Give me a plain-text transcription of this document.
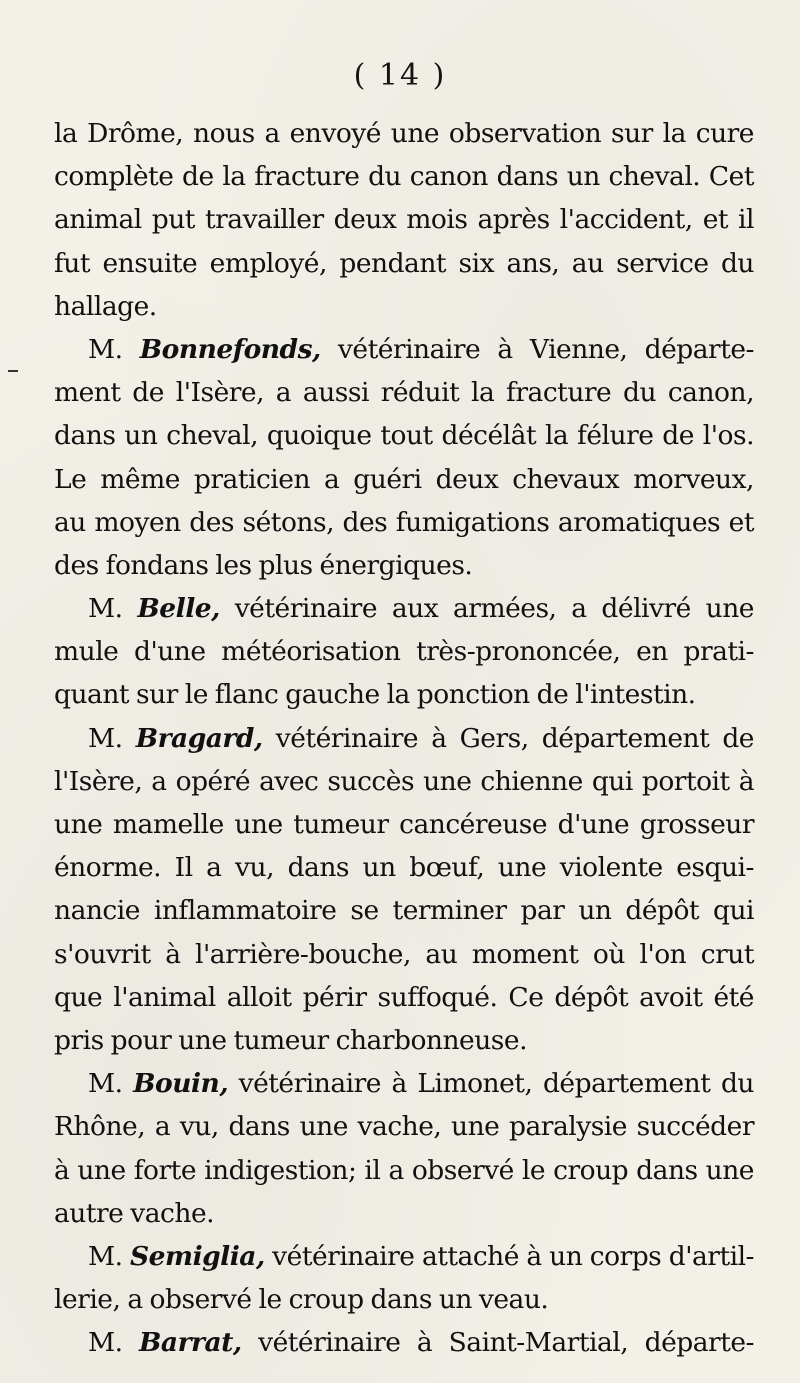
( 14 )
la Drôme, nous a envoyé une observation sur la cure
complète de la fracture du canon dans un cheval. Cet
animal put travailler deux mois après l'accident, et il
fut ensuite employé, pendant six ans, au service du
hallage.
M. Bonnefonds, vétérinaire à Vienne, départe-
ment de l'Isère, a aussi réduit la fracture du canon,
dans un cheval, quoique tout décélât la félure de l'os.
Le même praticien a guéri deux chevaux morveux,
au moyen des sétons, des fumigations aromatiques et
des fondans les plus énergiques.
M. Belle, vétérinaire aux armées, a délivré une
mule d'une météorisation très-prononcée, en prati-
quant sur le flanc gauche la ponction de l'intestin.
M. Bragard, vétérinaire à Gers, département de
l'Isère, a opéré avec succès une chienne qui portoit à
une mamelle une tumeur cancéreuse d'une grosseur
énorme. Il a vu, dans un bœuf, une violente esqui-
nancie inflammatoire se terminer par un dépôt qui
s'ouvrit à l'arrière-bouche, au moment où l'on crut
que l'animal alloit périr suffoqué. Ce dépôt avoit été
pris pour une tumeur charbonneuse.
M. Bouin, vétérinaire à Limonet, département du
Rhône, a vu, dans une vache, une paralysie succéder
à une forte indigestion; il a observé le croup dans une
autre vache.
M. Semiglia, vétérinaire attaché à un corps d'artil-
lerie, a observé le croup dans un veau.
M. Barrat, vétérinaire à Saint-Martial, départe-
